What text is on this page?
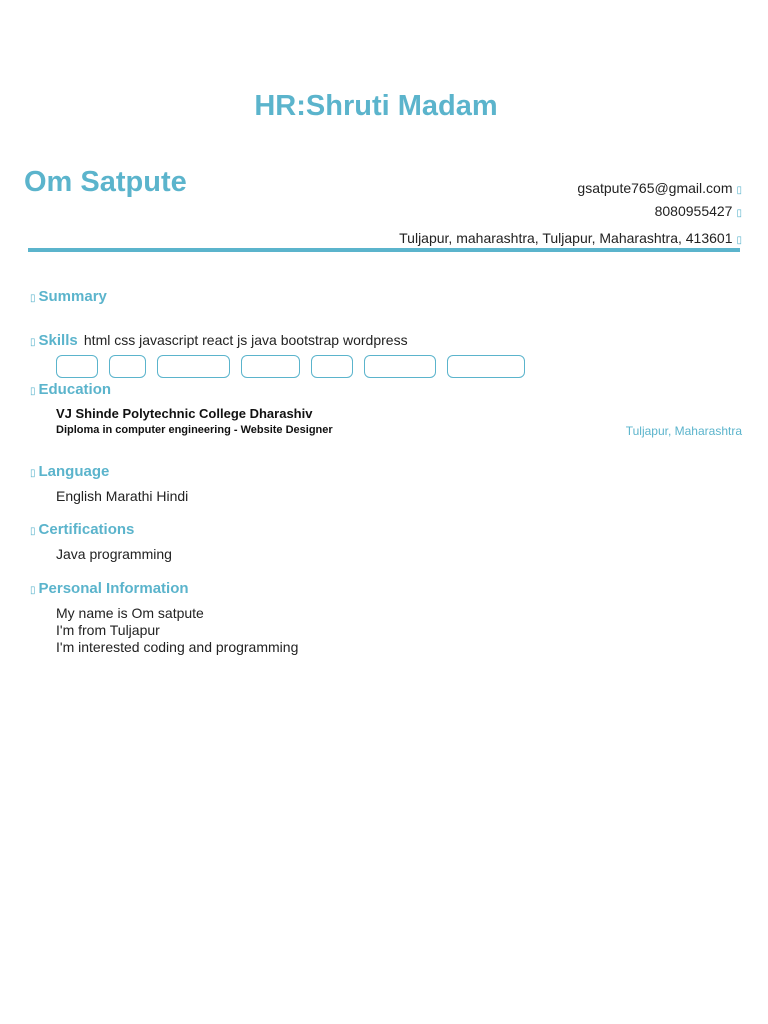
HR:Shruti Madam
Om Satpute	gsatpute765@gmail.com ▯
8080955427 ▯
Tuljapur, maharashtra, Tuljapur, Maharashtra, 413601 ▯
▯ Summary
▯ Skills html css javascript react js java bootstrap wordpress
▯ Education
VJ Shinde Polytechnic College Dharashiv
Diploma in computer engineering - Website Designer	Tuljapur, Maharashtra
▯ Language
English Marathi Hindi
▯ Certifications
Java programming
▯ Personal Information
My name is Om satpute
I'm from Tuljapur
I'm interested coding and programming
